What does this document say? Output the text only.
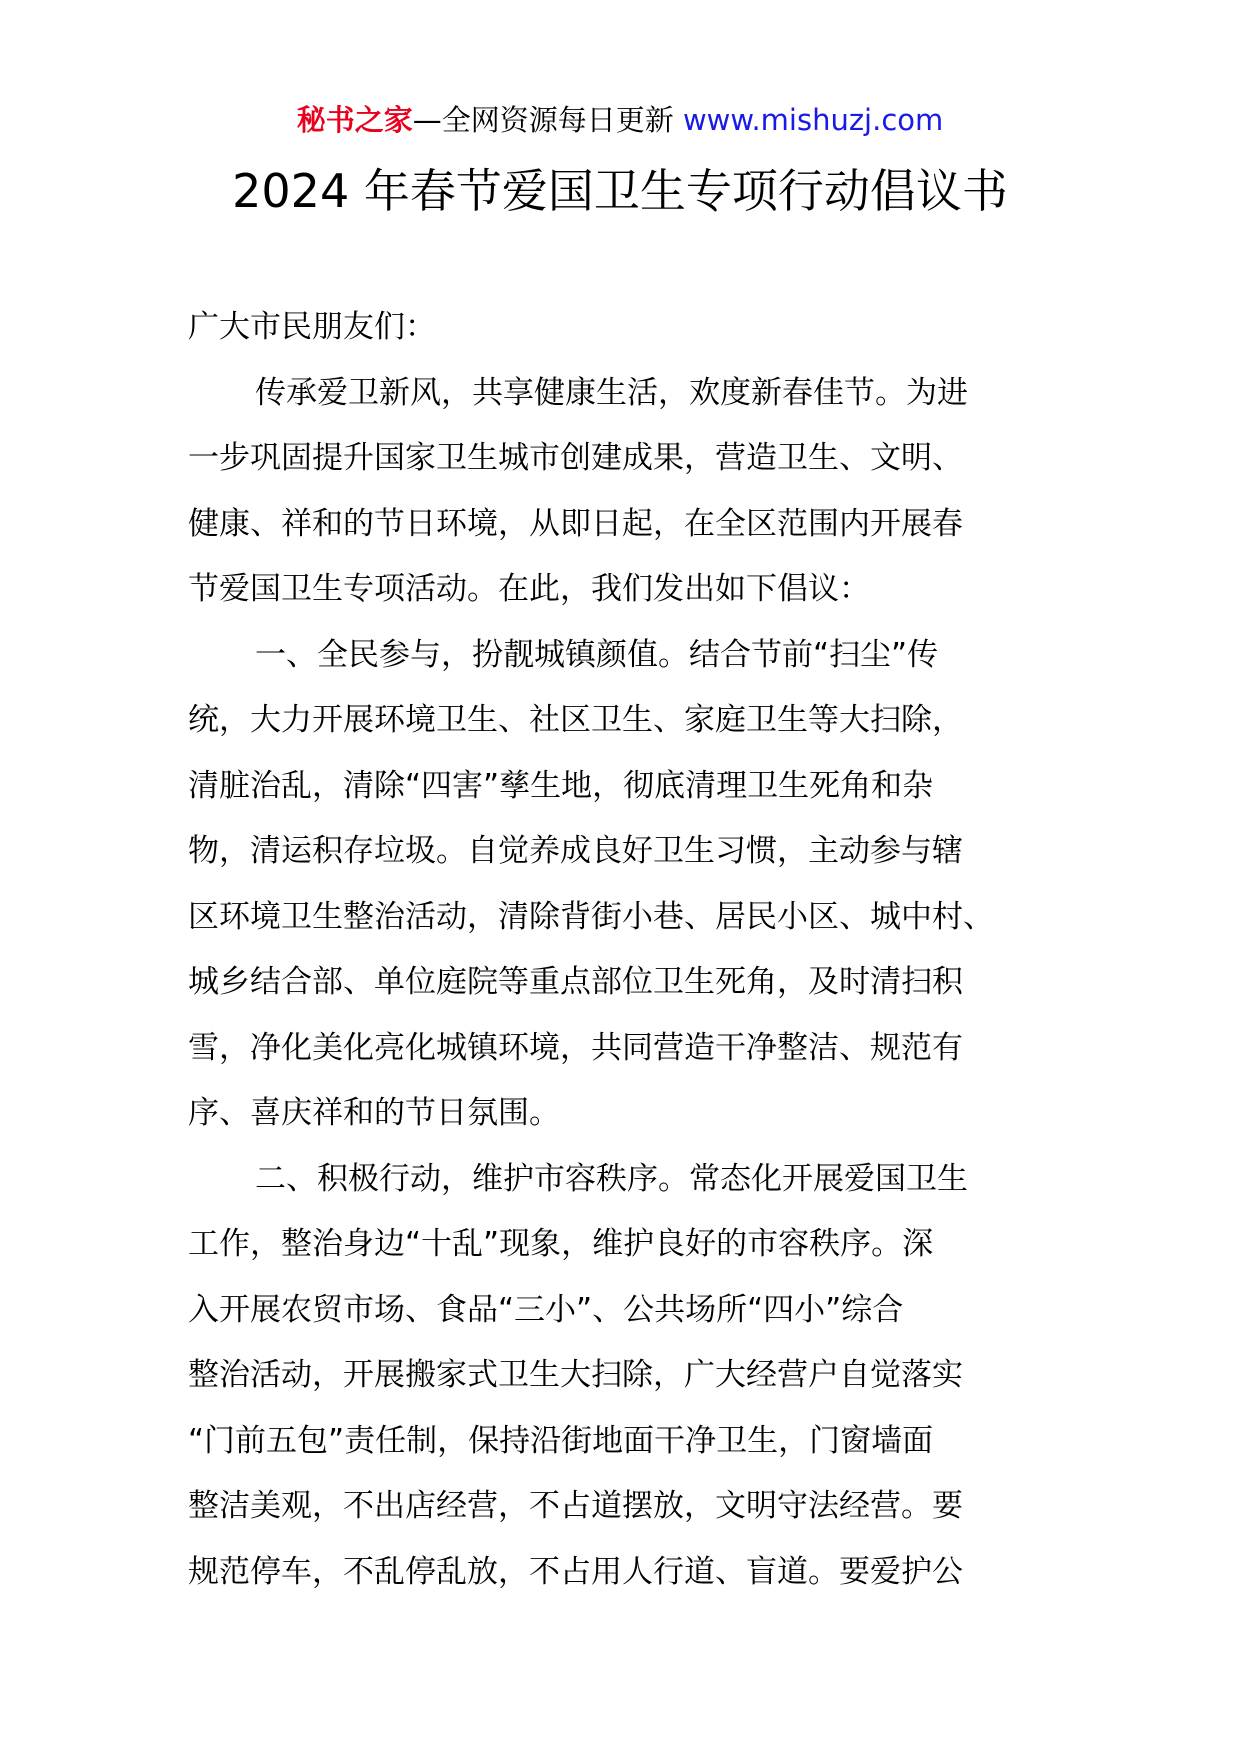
秘书之家—全网资源每日更新 www.mishuzj.com
2024 年春节爱国卫生专项行动倡议书
广大市民朋友们：
传承爱卫新风，共享健康生活，欢度新春佳节。为进
一步巩固提升国家卫生城市创建成果，营造卫生、文明、
健康、祥和的节日环境，从即日起，在全区范围内开展春
节爱国卫生专项活动。在此，我们发出如下倡议：
一、全民参与，扮靓城镇颜值。结合节前“扫尘”传
统，大力开展环境卫生、社区卫生、家庭卫生等大扫除，
清脏治乱，清除“四害”孳生地，彻底清理卫生死角和杂
物，清运积存垃圾。自觉养成良好卫生习惯，主动参与辖
区环境卫生整治活动，清除背街小巷、居民小区、城中村、
城乡结合部、单位庭院等重点部位卫生死角，及时清扫积
雪，净化美化亮化城镇环境，共同营造干净整洁、规范有
序、喜庆祥和的节日氛围。
二、积极行动，维护市容秩序。常态化开展爱国卫生
工作，整治身边“十乱”现象，维护良好的市容秩序。深
入开展农贸市场、食品“三小”、公共场所“四小”综合
整治活动，开展搬家式卫生大扫除，广大经营户自觉落实
“门前五包”责任制，保持沿街地面干净卫生，门窗墙面
整洁美观，不出店经营，不占道摆放，文明守法经营。要
规范停车，不乱停乱放，不占用人行道、盲道。要爱护公
